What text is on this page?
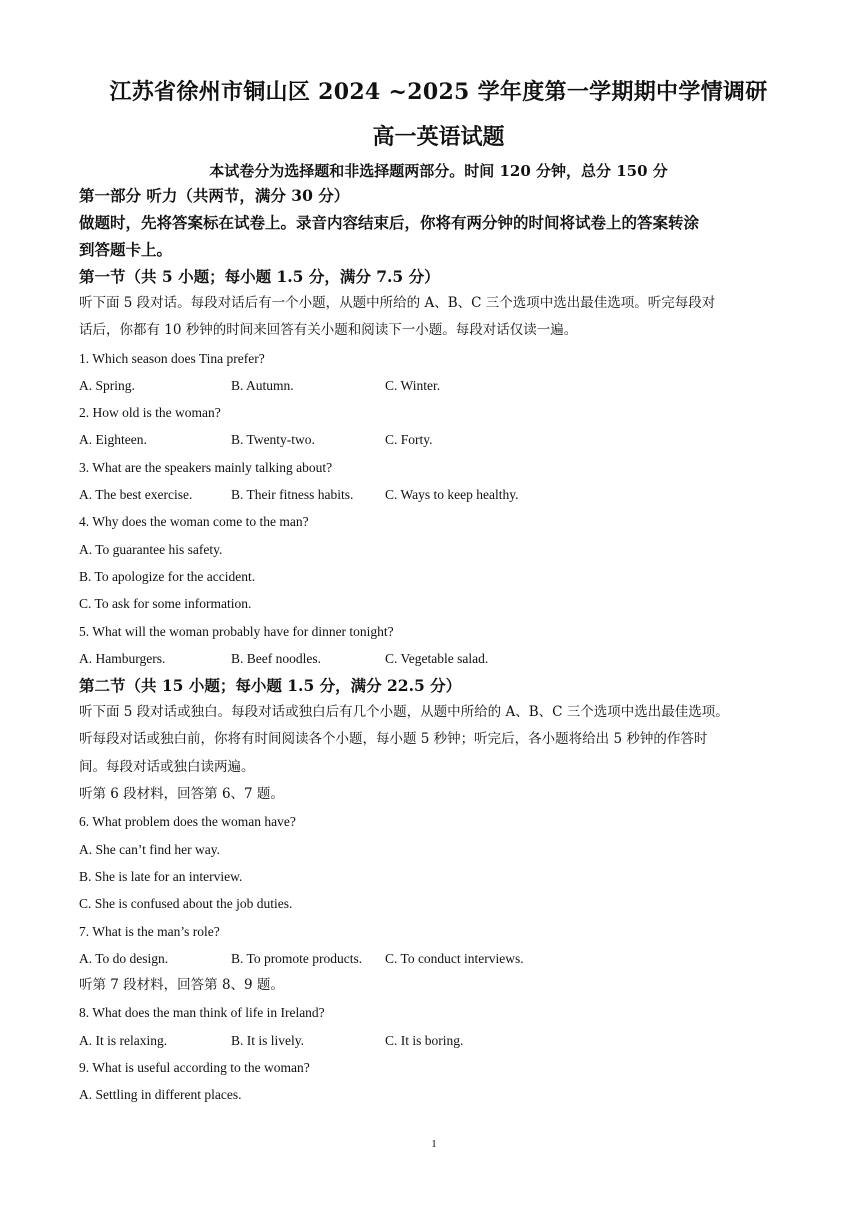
江苏省徐州市铜山区 2024 ~2025 学年度第一学期期中学情调研

高一英语试题

本试卷分为选择题和非选择题两部分。时间 120 分钟，总分 150 分

第一部分 听力（共两节，满分 30 分）

做题时，先将答案标在试卷上。录音内容结束后，你将有两分钟的时间将试卷上的答案转涂

到答题卡上。

第一节（共 5 小题；每小题 1.5 分，满分 7.5 分）

听下面 5 段对话。每段对话后有一个小题，从题中所给的 A、B、C 三个选项中选出最佳选项。听完每段对

话后，你都有 10 秒钟的时间来回答有关小题和阅读下一小题。每段对话仅读一遍。

1. Which season does Tina prefer?

A. Spring.	B. Autumn.	C. Winter.

2. How old is the woman?

A. Eighteen.	B. Twenty-two.	C. Forty.

3. What are the speakers mainly talking about?

A. The best exercise.	B. Their fitness habits.	C. Ways to keep healthy.

4. Why does the woman come to the man?

A. To guarantee his safety.

B. To apologize for the accident.

C. To ask for some information.

5. What will the woman probably have for dinner tonight?

A. Hamburgers.	B. Beef noodles.	C. Vegetable salad.

第二节（共 15 小题；每小题 1.5 分，满分 22.5 分）

听下面 5 段对话或独白。每段对话或独白后有几个小题，从题中所给的 A、B、C 三个选项中选出最佳选项。

听每段对话或独白前，你将有时间阅读各个小题，每小题 5 秒钟；听完后，各小题将给出 5 秒钟的作答时

间。每段对话或独白读两遍。

听第 6 段材料，回答第 6、7 题。

6. What problem does the woman have?

A. She can’t find her way.

B. She is late for an interview.

C. She is confused about the job duties.

7. What is the man’s role?

A. To do design.	B. To promote products.	C. To conduct interviews.

听第 7 段材料，回答第 8、9 题。

8. What does the man think of life in Ireland?

A. It is relaxing.	B. It is lively.	C. It is boring.

9. What is useful according to the woman?

A. Settling in different places.

1
